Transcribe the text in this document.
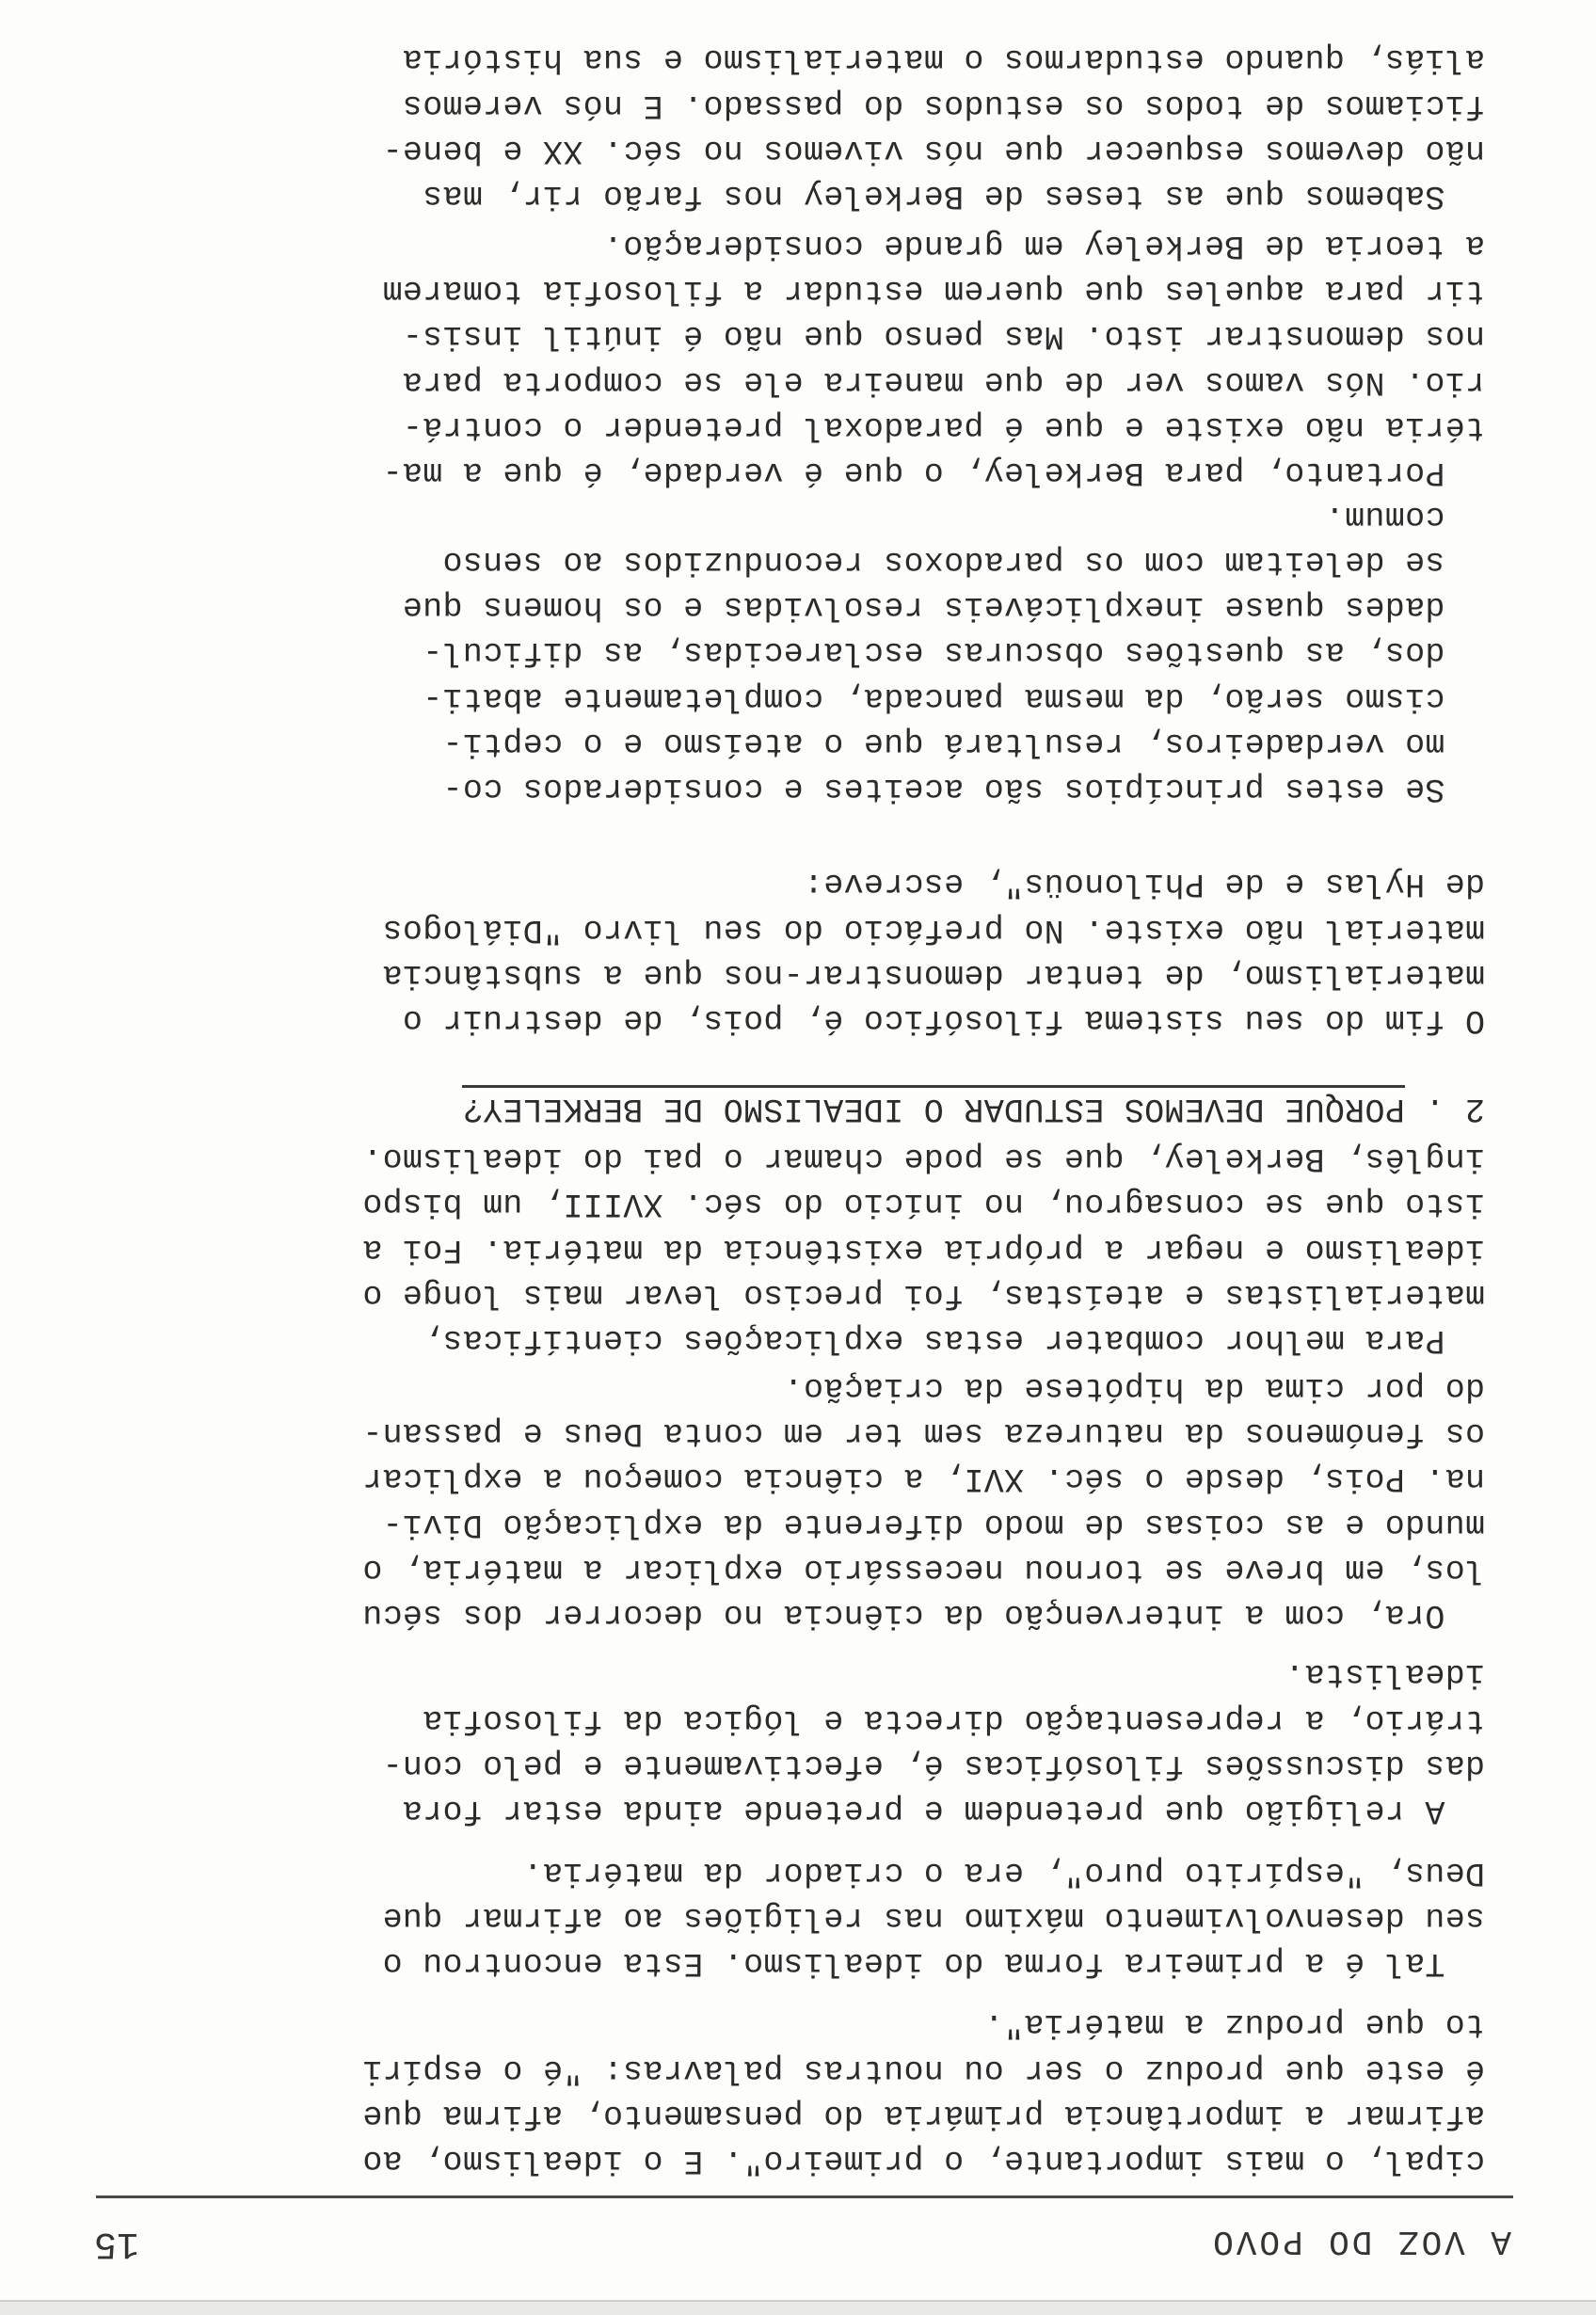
A VOZ DO POVO
15
cipal, o mais importante, o primeiro". E o idealismo, ao
afirmar a importância primária do pensamento, afirma que
é este que produz o ser ou noutras palavras: "é o espíri
to que produz a matéria".
Tal é a primeira forma do idealismo. Esta encontrou o
seu desenvolvimento máximo nas religiões ao afirmar que
Deus, "espírito puro", era o criador da matéria.
A religião que pretendem e pretende ainda estar fora
das discussões filosóficas é, efectivamente e pelo con-
trário, a representação directa e lógica da filosofia
idealista.
Ora, com a intervenção da ciência no decorrer dos sécu
los, em breve se tornou necessário explicar a matéria, o
mundo e as coisas de modo diferente da explicação Divi-
na. Pois, desde o séc. XVI, a ciência começou a explicar
os fenómenos da natureza sem ter em conta Deus e passan-
do por cima da hipótese da criação.
Para melhor combater estas explicações científicas,
materialistas e ateístas, foi preciso levar mais longe o
idealismo e negar a própria existência da matéria. Foi a
isto que se consagrou, no início do séc. XVIII, um bispo
inglês, Berkeley, que se pode chamar o pai do idealismo.
2 . PORQUE DEVEMOS ESTUDAR O IDEALISMO DE BERKELEY?
O fim do seu sistema filosófico é, pois, de destruir o
materialismo, de tentar demonstrar-nos que a substância
material não existe. No prefácio do seu livro "Diálogos
de Hylas e de Philonoüs", escreve:
Se estes princípios são aceites e considerados co-
mo verdadeiros, resultará que o ateísmo e o cepti-
cismo serão, da mesma pancada, completamente abati-
dos, as questões obscuras esclarecidas, as dificul-
dades quase inexplicáveis resolvidas e os homens que
se deleitam com os paradoxos reconduzidos ao senso
comum.
Portanto, para Berkeley, o que é verdade, é que a ma-
téria não existe e que é paradoxal pretender o contrá-
rio. Nós vamos ver de que maneira ele se comporta para
nos demonstrar isto. Mas penso que não é inútil insis-
tir para aqueles que querem estudar a filosofia tomarem
a teoria de Berkeley em grande consideração.
Sabemos que as teses de Berkeley nos farão rir, mas
não devemos esquecer que nós vivemos no séc. XX e bene-
ficiamos de todos os estudos do passado. E nós veremos
aliás, quando estudarmos o materialismo e sua história
